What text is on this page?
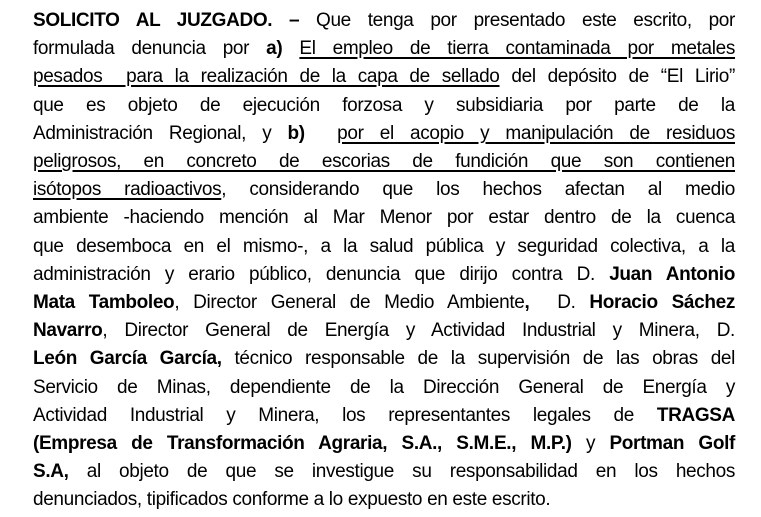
SOLICITO AL JUZGADO. – Que tenga por presentado este escrito, por
formulada denuncia por a) El empleo de tierra contaminada por metales
pesados  para la realización de la capa de sellado del depósito de “El Lirio”
que es objeto de ejecución forzosa y subsidiaria por parte de la
Administración Regional, y b) por el acopio y manipulación de residuos
peligrosos, en concreto de escorias de fundición que son contienen
isótopos radioactivos, considerando que los hechos afectan al medio
ambiente -haciendo mención al Mar Menor por estar dentro de la cuenca
que desemboca en el mismo-, a la salud pública y seguridad colectiva, a la
administración y erario público, denuncia que dirijo contra D. Juan Antonio
Mata Tamboleo, Director General de Medio Ambiente,  D. Horacio Sáchez
Navarro, Director General de Energía y Actividad Industrial y Minera, D.
León García García, técnico responsable de la supervisión de las obras del
Servicio de Minas, dependiente de la Dirección General de Energía y
Actividad Industrial y Minera, los representantes legales de TRAGSA
(Empresa de Transformación Agraria, S.A., S.M.E., M.P.) y Portman Golf
S.A, al objeto de que se investigue su responsabilidad en los hechos
denunciados, tipificados conforme a lo expuesto en este escrito.
